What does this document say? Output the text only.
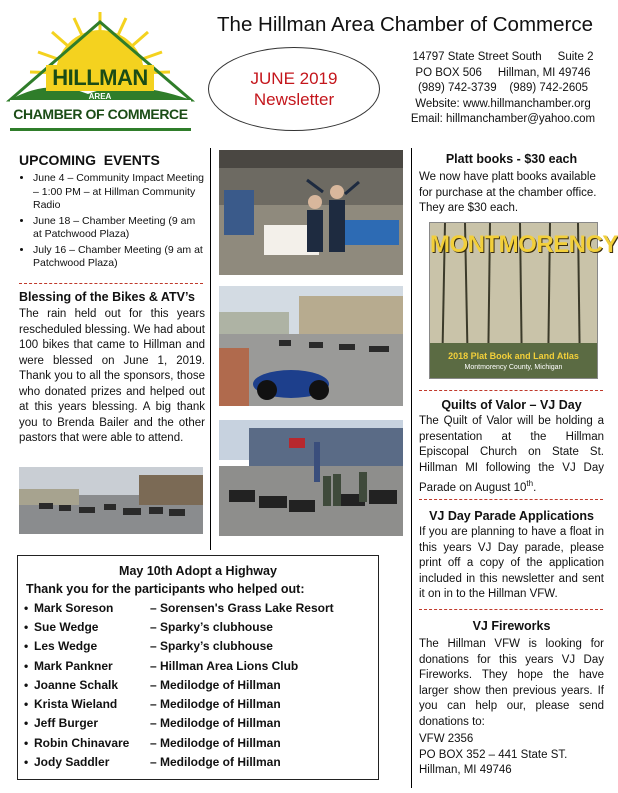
HILLMAN
AREA
CHAMBER OF COMMERCE
The Hillman Area Chamber of Commerce
JUNE 2019
Newsletter
14797 State Street South     Suite 2
PO BOX 506     Hillman, MI 49746
(989) 742-3739    (989) 742-2605
Website: www.hillmanchamber.org
Email: hillmanchamber@yahoo.com
UPCOMING  EVENTS
• June 4 – Community Impact Meeting – 1:00 PM – at Hillman Community Radio
• June 18 – Chamber Meeting (9 am at Patchwood Plaza)
• July 16 – Chamber Meeting (9 am at Patchwood Plaza)
Blessing of the Bikes & ATV’s
The rain held out for this years rescheduled blessing. We had about 100 bikes that came to Hillman and were blessed on June 1, 2019. Thank you to all the sponsors, those who donated prizes and helped out at this years blessing. A big thank you to Brenda Bailer and the other pastors that were able to attend.
May 10th Adopt a Highway
Thank you for the participants who helped out:
•	Mark Soreson	– Sorensen's Grass Lake Resort
•	Sue Wedge	– Sparky’s clubhouse
•	Les Wedge	– Sparky’s clubhouse
•	Mark Pankner	– Hillman Area Lions Club
•	Joanne Schalk	– Medilodge of Hillman
•	Krista Wieland	– Medilodge of Hillman
•	Jeff Burger	– Medilodge of Hillman
•	Robin Chinavare	– Medilodge of Hillman
•	Jody Saddler	– Medilodge of Hillman
Platt books - $30 each
We now have platt books available for purchase at the chamber office. They are $30 each.
MONTMORENCY
2018 Plat Book and Land Atlas
Montmorency County, Michigan
Quilts of Valor – VJ Day
The Quilt of Valor will be holding a presentation at the Hillman Episcopal Church on State St. Hillman MI following the VJ Day Parade on August 10th.
VJ Day Parade Applications
If you are planning to have a float in this years VJ Day parade, please print off a copy of the application included in this newsletter and sent it on in to the Hillman VFW.
VJ Fireworks
The Hillman VFW is looking for donations for this years VJ Day Fireworks. They hope the have larger show then previous years. If you can help our, please send donations to:
VFW 2356
PO BOX 352 – 441 State ST.
Hillman, MI 49746
